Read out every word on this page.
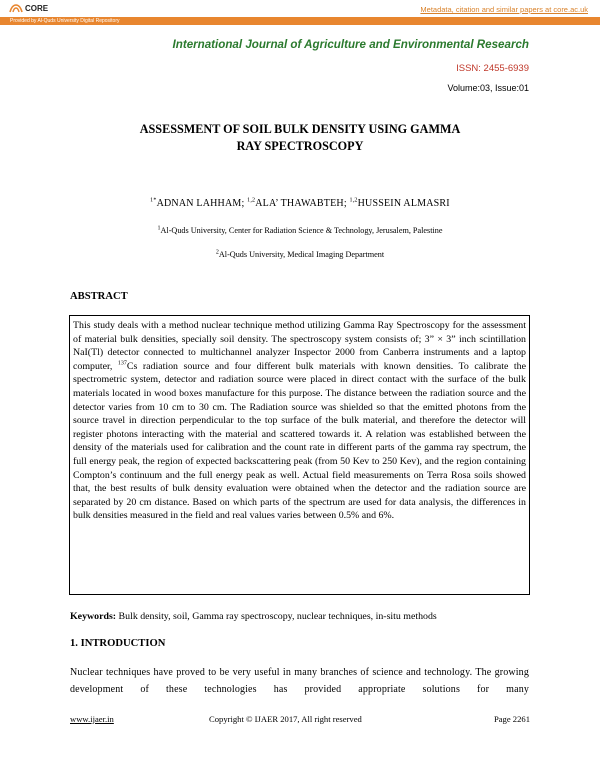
CORE	Metadata, citation and similar papers at core.ac.uk
Provided by Al-Quds University Digital Repository
International Journal of Agriculture and Environmental Research
ISSN: 2455-6939
Volume:03, Issue:01
ASSESSMENT OF SOIL BULK DENSITY USING GAMMA
RAY SPECTROSCOPY
$^{1*}$ADNAN LAHHAM; $^{1,2}$ALA’ THAWABTEH; $^{1,2}$HUSSEIN ALMASRI
$^1$Al-Quds University, Center for Radiation Science & Technology, Jerusalem, Palestine
$^2$Al-Quds University, Medical Imaging Department
ABSTRACT
This study deals with a method nuclear technique method utilizing Gamma Ray Spectroscopy for the assessment of material bulk densities, specially soil density. The spectroscopy system consists of; 3” × 3” inch scintillation NaI(Tl) detector connected to multichannel analyzer Inspector 2000 from Canberra instruments and a laptop computer, $^{137}$Cs radiation source and four different bulk materials with known densities. To calibrate the spectrometric system, detector and radiation source were placed in direct contact with the surface of the bulk materials located in wood boxes manufacture for this purpose. The distance between the radiation source and the detector varies from 10 cm to 30 cm. The Radiation source was shielded so that the emitted photons from the source travel in direction perpendicular to the top surface of the bulk material, and therefore the detector will register photons interacting with the material and scattered towards it. A relation was established between the density of the materials used for calibration and the count rate in different parts of the gamma ray spectrum, the full energy peak, the region of expected backscattering peak (from 50 Kev to 250 Kev), and the region containing Compton’s continuum and the full energy peak as well. Actual field measurements on Terra Rosa soils showed that, the best results of bulk density evaluation were obtained when the detector and the radiation source are separated by 20 cm distance. Based on which parts of the spectrum are used for data analysis, the differences in bulk densities measured in the field and real values varies between 0.5% and 6%.
Keywords: Bulk density, soil, Gamma ray spectroscopy, nuclear techniques, in-situ methods
1. INTRODUCTION
Nuclear techniques have proved to be very useful in many branches of science and technology. The growing development of these technologies has provided appropriate solutions for many
www.ijaer.in	Copyright © IJAER 2017, All right reserved	Page 2261
